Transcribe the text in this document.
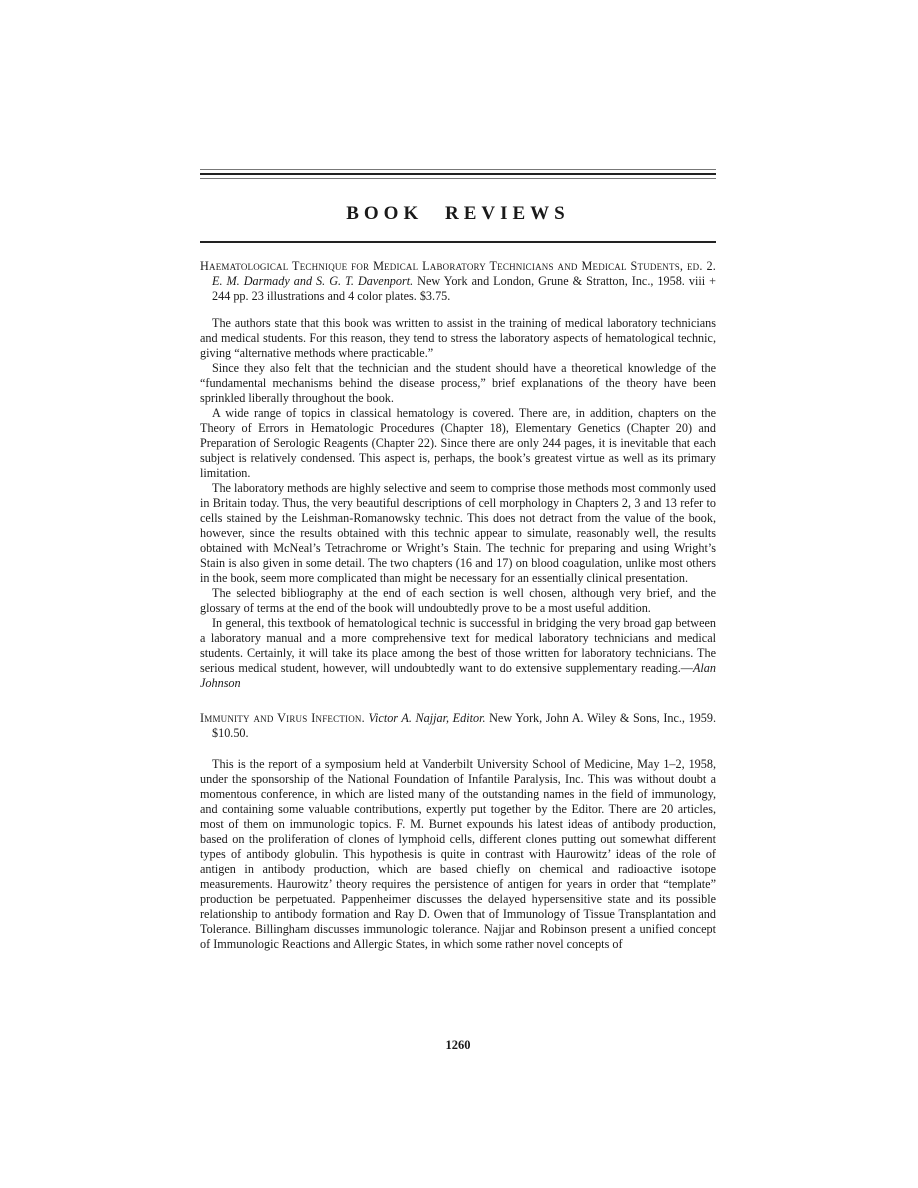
BOOK REVIEWS

Haematological Technique for Medical Laboratory Technicians and Medical Students, ed. 2. E. M. Darmady and S. G. T. Davenport. New York and London, Grune & Stratton, Inc., 1958. viii + 244 pp. 23 illustrations and 4 color plates. $3.75.

The authors state that this book was written to assist in the training of medical laboratory technicians and medical students. For this reason, they tend to stress the laboratory aspects of hematological technic, giving “alternative methods where practicable.”

Since they also felt that the technician and the student should have a theoretical knowledge of the “fundamental mechanisms behind the disease process,” brief explanations of the theory have been sprinkled liberally throughout the book.

A wide range of topics in classical hematology is covered. There are, in addition, chapters on the Theory of Errors in Hematologic Procedures (Chapter 18), Elementary Genetics (Chapter 20) and Preparation of Serologic Reagents (Chapter 22). Since there are only 244 pages, it is inevitable that each subject is relatively condensed. This aspect is, perhaps, the book’s greatest virtue as well as its primary limitation.

The laboratory methods are highly selective and seem to comprise those methods most commonly used in Britain today. Thus, the very beautiful descriptions of cell morphology in Chapters 2, 3 and 13 refer to cells stained by the Leishman-Romanowsky technic. This does not detract from the value of the book, however, since the results obtained with this technic appear to simulate, reasonably well, the results obtained with McNeal’s Tetrachrome or Wright’s Stain. The technic for preparing and using Wright’s Stain is also given in some detail. The two chapters (16 and 17) on blood coagulation, unlike most others in the book, seem more complicated than might be necessary for an essentially clinical presentation.

The selected bibliography at the end of each section is well chosen, although very brief, and the glossary of terms at the end of the book will undoubtedly prove to be a most useful addition.

In general, this textbook of hematological technic is successful in bridging the very broad gap between a laboratory manual and a more comprehensive text for medical laboratory technicians and medical students. Certainly, it will take its place among the best of those written for laboratory technicians. The serious medical student, however, will undoubtedly want to do extensive supplementary reading.—Alan Johnson

Immunity and Virus Infection. Victor A. Najjar, Editor. New York, John A. Wiley & Sons, Inc., 1959. $10.50.

This is the report of a symposium held at Vanderbilt University School of Medicine, May 1–2, 1958, under the sponsorship of the National Foundation of Infantile Paralysis, Inc. This was without doubt a momentous conference, in which are listed many of the outstanding names in the field of immunology, and containing some valuable contributions, expertly put together by the Editor. There are 20 articles, most of them on immunologic topics. F. M. Burnet expounds his latest ideas of antibody production, based on the proliferation of clones of lymphoid cells, different clones putting out somewhat different types of antibody globulin. This hypothesis is quite in contrast with Haurowitz’ ideas of the role of antigen in antibody production, which are based chiefly on chemical and radioactive isotope measurements. Haurowitz’ theory requires the persistence of antigen for years in order that “template” production be perpetuated. Pappenheimer discusses the delayed hypersensitive state and its possible relationship to antibody formation and Ray D. Owen that of Immunology of Tissue Transplantation and Tolerance. Billingham discusses immunologic tolerance. Najjar and Robinson present a unified concept of Immunologic Reactions and Allergic States, in which some rather novel concepts of

1260
